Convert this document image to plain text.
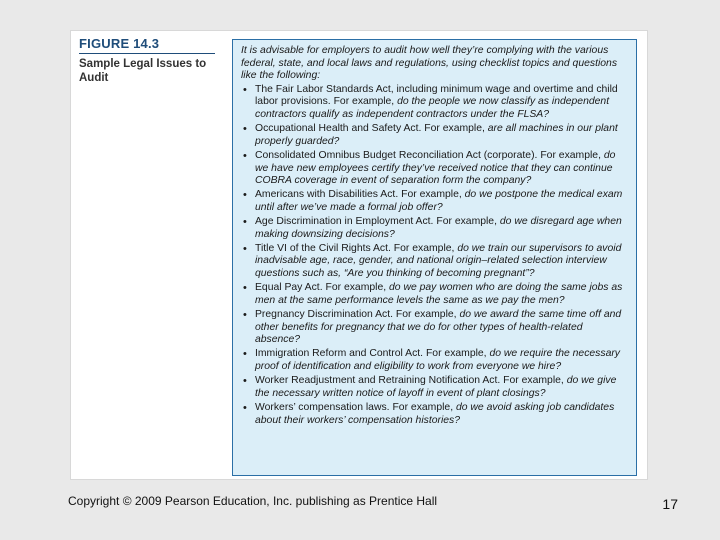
FIGURE 14.3
Sample Legal Issues to Audit

It is advisable for employers to audit how well they’re complying with the various federal, state, and local laws and regulations, using checklist topics and questions like the following:

• The Fair Labor Standards Act, including minimum wage and overtime and child labor provisions. For example, do the people we now classify as independent contractors qualify as independent contractors under the FLSA?
• Occupational Health and Safety Act. For example, are all machines in our plant properly guarded?
• Consolidated Omnibus Budget Reconciliation Act (corporate). For example, do we have new employees certify they’ve received notice that they can continue COBRA coverage in event of separation form the company?
• Americans with Disabilities Act. For example, do we postpone the medical exam until after we’ve made a formal job offer?
• Age Discrimination in Employment Act. For example, do we disregard age when making downsizing decisions?
• Title VI of the Civil Rights Act. For example, do we train our supervisors to avoid inadvisable age, race, gender, and national origin–related selection interview questions such as, “Are you thinking of becoming pregnant”?
• Equal Pay Act. For example, do we pay women who are doing the same jobs as men at the same performance levels the same as we pay the men?
• Pregnancy Discrimination Act. For example, do we award the same time off and other benefits for pregnancy that we do for other types of health-related absence?
• Immigration Reform and Control Act. For example, do we require the necessary proof of identification and eligibility to work from everyone we hire?
• Worker Readjustment and Retraining Notification Act. For example, do we give the necessary written notice of layoff in event of plant closings?
• Workers’ compensation laws. For example, do we avoid asking job candidates about their workers’ compensation histories?
Copyright © 2009 Pearson Education, Inc. publishing as Prentice Hall	17
